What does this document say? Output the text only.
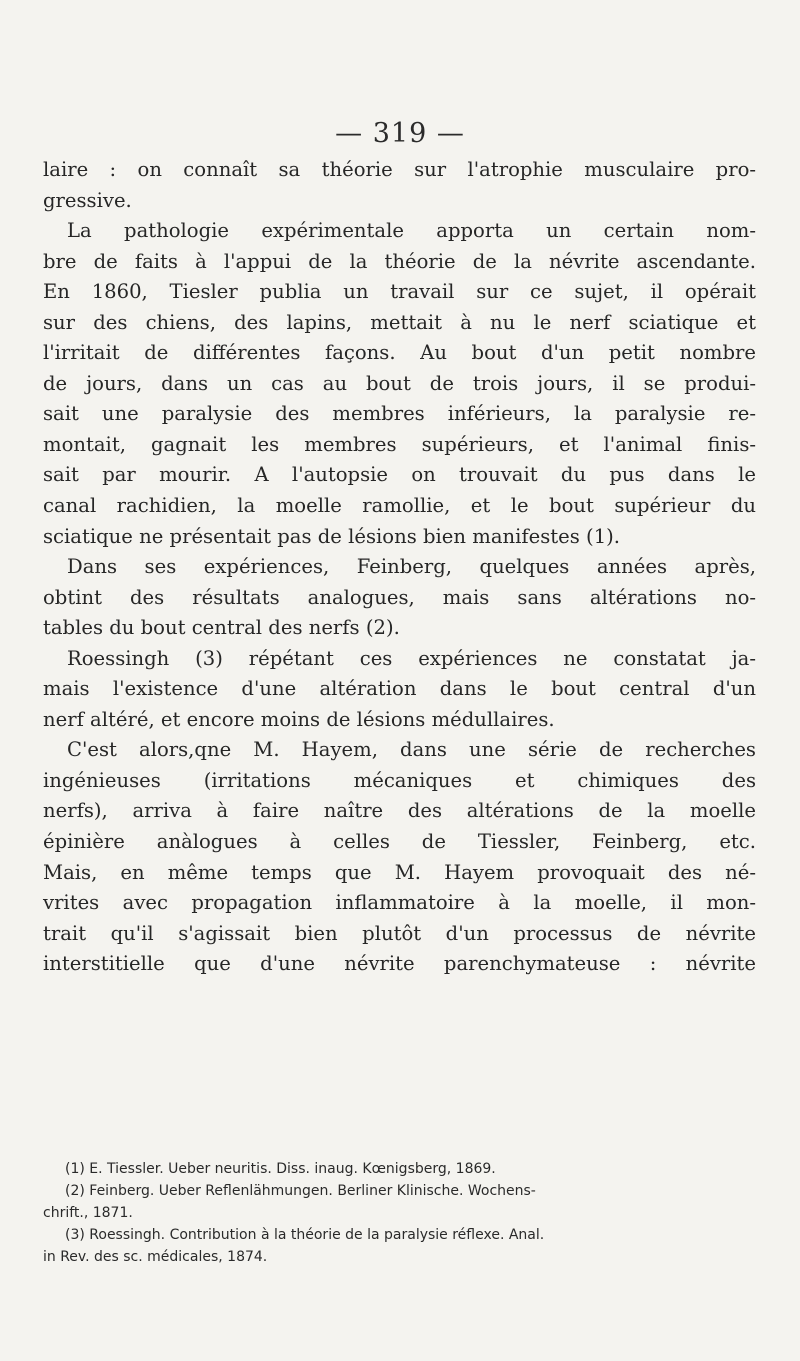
— 319 —
laire : on connaît sa théorie sur l'atrophie musculaire pro-
gressive.
La pathologie expérimentale apporta un certain nom-
bre de faits à l'appui de la théorie de la névrite ascendante.
En 1860, Tiesler publia un travail sur ce sujet, il opérait
sur des chiens, des lapins, mettait à nu le nerf sciatique et
l'irritait de différentes façons. Au bout d'un petit nombre
de jours, dans un cas au bout de trois jours, il se produi-
sait une paralysie des membres inférieurs, la paralysie re-
montait, gagnait les membres supérieurs, et l'animal finis-
sait par mourir. A l'autopsie on trouvait du pus dans le
canal rachidien, la moelle ramollie, et le bout supérieur du
sciatique ne présentait pas de lésions bien manifestes (1).
Dans ses expériences, Feinberg, quelques années après,
obtint des résultats analogues, mais sans altérations no-
tables du bout central des nerfs (2).
Roessingh (3) répétant ces expériences ne constatat ja-
mais l'existence d'une altération dans le bout central d'un
nerf altéré, et encore moins de lésions médullaires.
C'est alors,qne M. Hayem, dans une série de recherches
ingénieuses (irritations mécaniques et chimiques des
nerfs), arriva à faire naître des altérations de la moelle
épinière anàlogues à celles de Tiessler, Feinberg, etc.
Mais, en même temps que M. Hayem provoquait des né-
vrites avec propagation inflammatoire à la moelle, il mon-
trait qu'il s'agissait bien plutôt d'un processus de névrite
interstitielle que d'une névrite parenchymateuse : névrite
(1) E. Tiessler. Ueber neuritis. Diss. inaug. Kœnigsberg, 1869.
(2) Feinberg. Ueber Reflenlähmungen. Berliner Klinische. Wochens-
chrift., 1871.
(3) Roessingh. Contribution à la théorie de la paralysie réflexe. Anal.
in Rev. des sc. médicales, 1874.
